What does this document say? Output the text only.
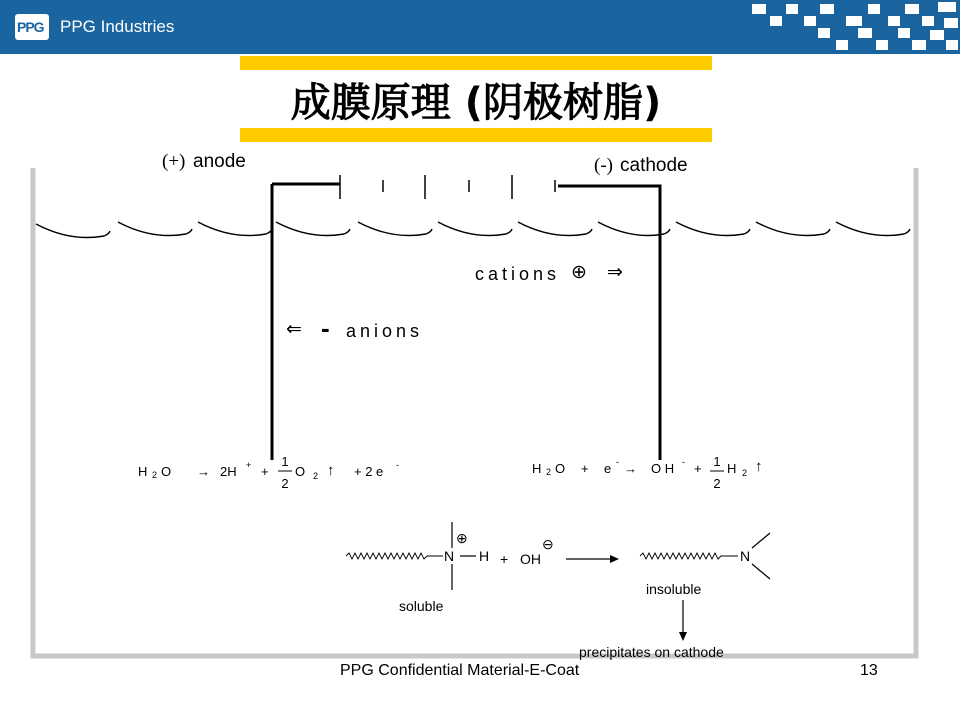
PPG PPG Industries
成膜原理 (阴极树脂)
(+) anode	(-) cathode
cations ⊕ ⇒
⇐ - anions
H 2 O → 2H + +
1
2
O 2 ↑ + 2 e -	H 2 O + e - → O H - + 1
2
H 2 ↑
N H
⊕
+ OH
⊖
soluble
N
insoluble
precipitates on cathode
PPG Confidential Material-E-Coat	13
